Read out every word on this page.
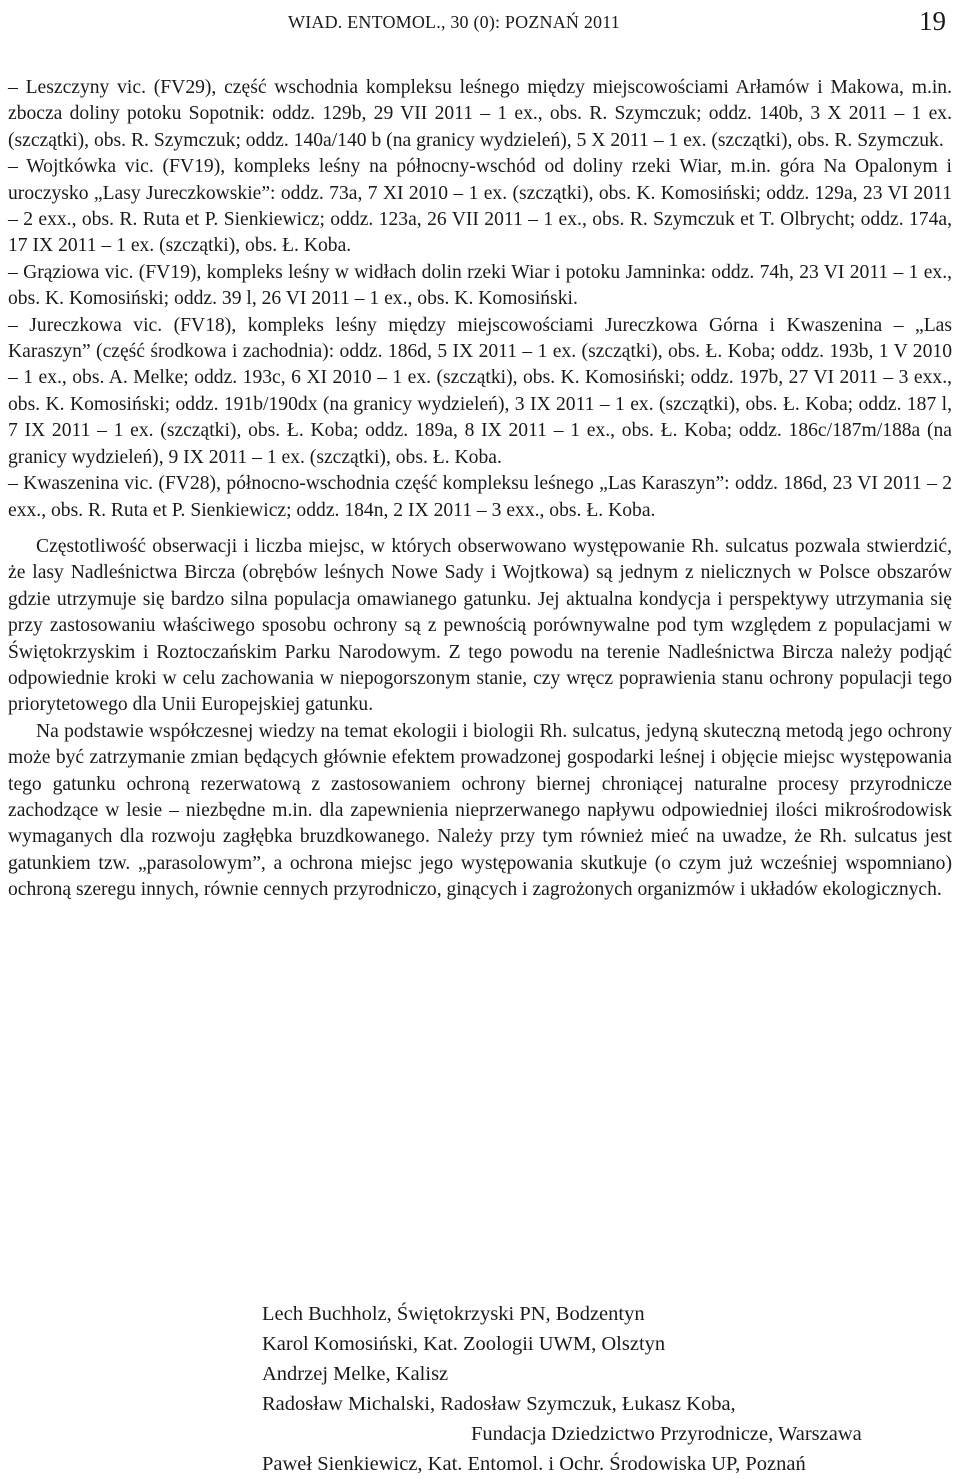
WIAD. ENTOMOL., 30 (0): POZNAŃ 2011	19

– Leszczyny vic. (FV29), część wschodnia kompleksu leśnego między miejscowościami Arłamów i Makowa, m.in. zbocza doliny potoku Sopotnik: oddz. 129b, 29 VII 2011 – 1 ex., obs. R. Szymczuk; oddz. 140b, 3 X 2011 – 1 ex. (szczątki), obs. R. Szymczuk; oddz. 140a/140 b (na granicy wydzieleń), 5 X 2011 – 1 ex. (szczątki), obs. R. Szymczuk.

– Wojtkówka vic. (FV19), kompleks leśny na północny-wschód od doliny rzeki Wiar, m.in. góra Na Opalonym i uroczysko „Lasy Jureczkowskie”: oddz. 73a, 7 XI 2010 – 1 ex. (szczątki), obs. K. Komosiński; oddz. 129a, 23 VI 2011 – 2 exx., obs. R. Ruta et P. Sienkiewicz; oddz. 123a, 26 VII 2011 – 1 ex., obs. R. Szymczuk et T. Olbrycht; oddz. 174a, 17 IX 2011 – 1 ex. (szczątki), obs. Ł. Koba.

– Grąziowa vic. (FV19), kompleks leśny w widłach dolin rzeki Wiar i potoku Jamninka: oddz. 74h, 23 VI 2011 – 1 ex., obs. K. Komosiński; oddz. 39 l, 26 VI 2011 – 1 ex., obs. K. Komosiński.

– Jureczkowa vic. (FV18), kompleks leśny między miejscowościami Jureczkowa Górna i Kwaszenina – „Las Karaszyn” (część środkowa i zachodnia): oddz. 186d, 5 IX 2011 – 1 ex. (szczątki), obs. Ł. Koba; oddz. 193b, 1 V 2010 – 1 ex., obs. A. Melke; oddz. 193c, 6 XI 2010 – 1 ex. (szczątki), obs. K. Komosiński; oddz. 197b, 27 VI 2011 – 3 exx., obs. K. Komosiński; oddz. 191b/190dx (na granicy wydzieleń), 3 IX 2011 – 1 ex. (szczątki), obs. Ł. Koba; oddz. 187 l, 7 IX 2011 – 1 ex. (szczątki), obs. Ł. Koba; oddz. 189a, 8 IX 2011 – 1 ex., obs. Ł. Koba; oddz. 186c/187m/188a (na granicy wydzieleń), 9 IX 2011 – 1 ex. (szczątki), obs. Ł. Koba.

– Kwaszenina vic. (FV28), północno-wschodnia część kompleksu leśnego „Las Karaszyn”: oddz. 186d, 23 VI 2011 – 2 exx., obs. R. Ruta et P. Sienkiewicz; oddz. 184n, 2 IX 2011 – 3 exx., obs. Ł. Koba.

Częstotliwość obserwacji i liczba miejsc, w których obserwowano występowanie Rh. sulcatus pozwala stwierdzić, że lasy Nadleśnictwa Bircza (obrębów leśnych Nowe Sady i Wojtkowa) są jednym z nielicznych w Polsce obszarów gdzie utrzymuje się bardzo silna populacja omawianego gatunku. Jej aktualna kondycja i perspektywy utrzymania się przy zastosowaniu właściwego sposobu ochrony są z pewnością porównywalne pod tym względem z populacjami w Świętokrzyskim i Roztoczańskim Parku Narodowym. Z tego powodu na terenie Nadleśnictwa Bircza należy podjąć odpowiednie kroki w celu zachowania w niepogorszonym stanie, czy wręcz poprawienia stanu ochrony populacji tego priorytetowego dla Unii Europejskiej gatunku.

Na podstawie współczesnej wiedzy na temat ekologii i biologii Rh. sulcatus, jedyną skuteczną metodą jego ochrony może być zatrzymanie zmian będących głównie efektem prowadzonej gospodarki leśnej i objęcie miejsc występowania tego gatunku ochroną rezerwatową z zastosowaniem ochrony biernej chroniącej naturalne procesy przyrodnicze zachodzące w lesie – niezbędne m.in. dla zapewnienia nieprzerwanego napływu odpowiedniej ilości mikrośrodowisk wymaganych dla rozwoju zagłębka bruzdkowanego. Należy przy tym również mieć na uwadze, że Rh. sulcatus jest gatunkiem tzw. „parasolowym”, a ochrona miejsc jego występowania skutkuje (o czym już wcześniej wspomniano) ochroną szeregu innych, równie cennych przyrodniczo, ginących i zagrożonych organizmów i układów ekologicznych.

Lech Buchholz, Świętokrzyski PN, Bodzentyn
Karol Komosiński, Kat. Zoologii UWM, Olsztyn
Andrzej Melke, Kalisz
Radosław Michalski, Radosław Szymczuk, Łukasz Koba,
Fundacja Dziedzictwo Przyrodnicze, Warszawa
Paweł Sienkiewicz, Kat. Entomol. i Ochr. Środowiska UP, Poznań
